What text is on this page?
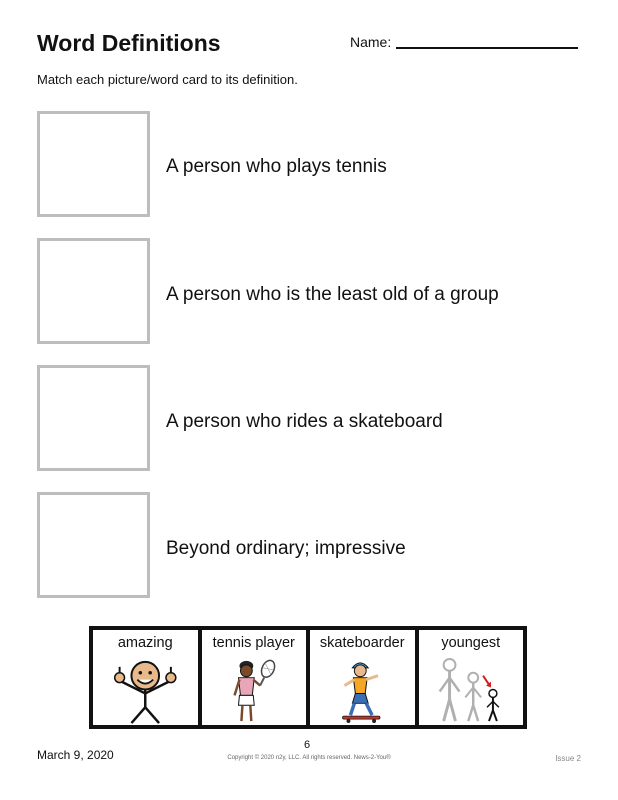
Word Definitions	Name:
Match each picture/word card to its definition.
A person who plays tennis
A person who is the least old of a group
A person who rides a skateboard
Beyond ordinary; impressive
amazing	tennis player	skateboarder	youngest
March 9, 2020
6
Copyright © 2020 n2y, LLC. All rights reserved. News-2-You®	Issue 2
